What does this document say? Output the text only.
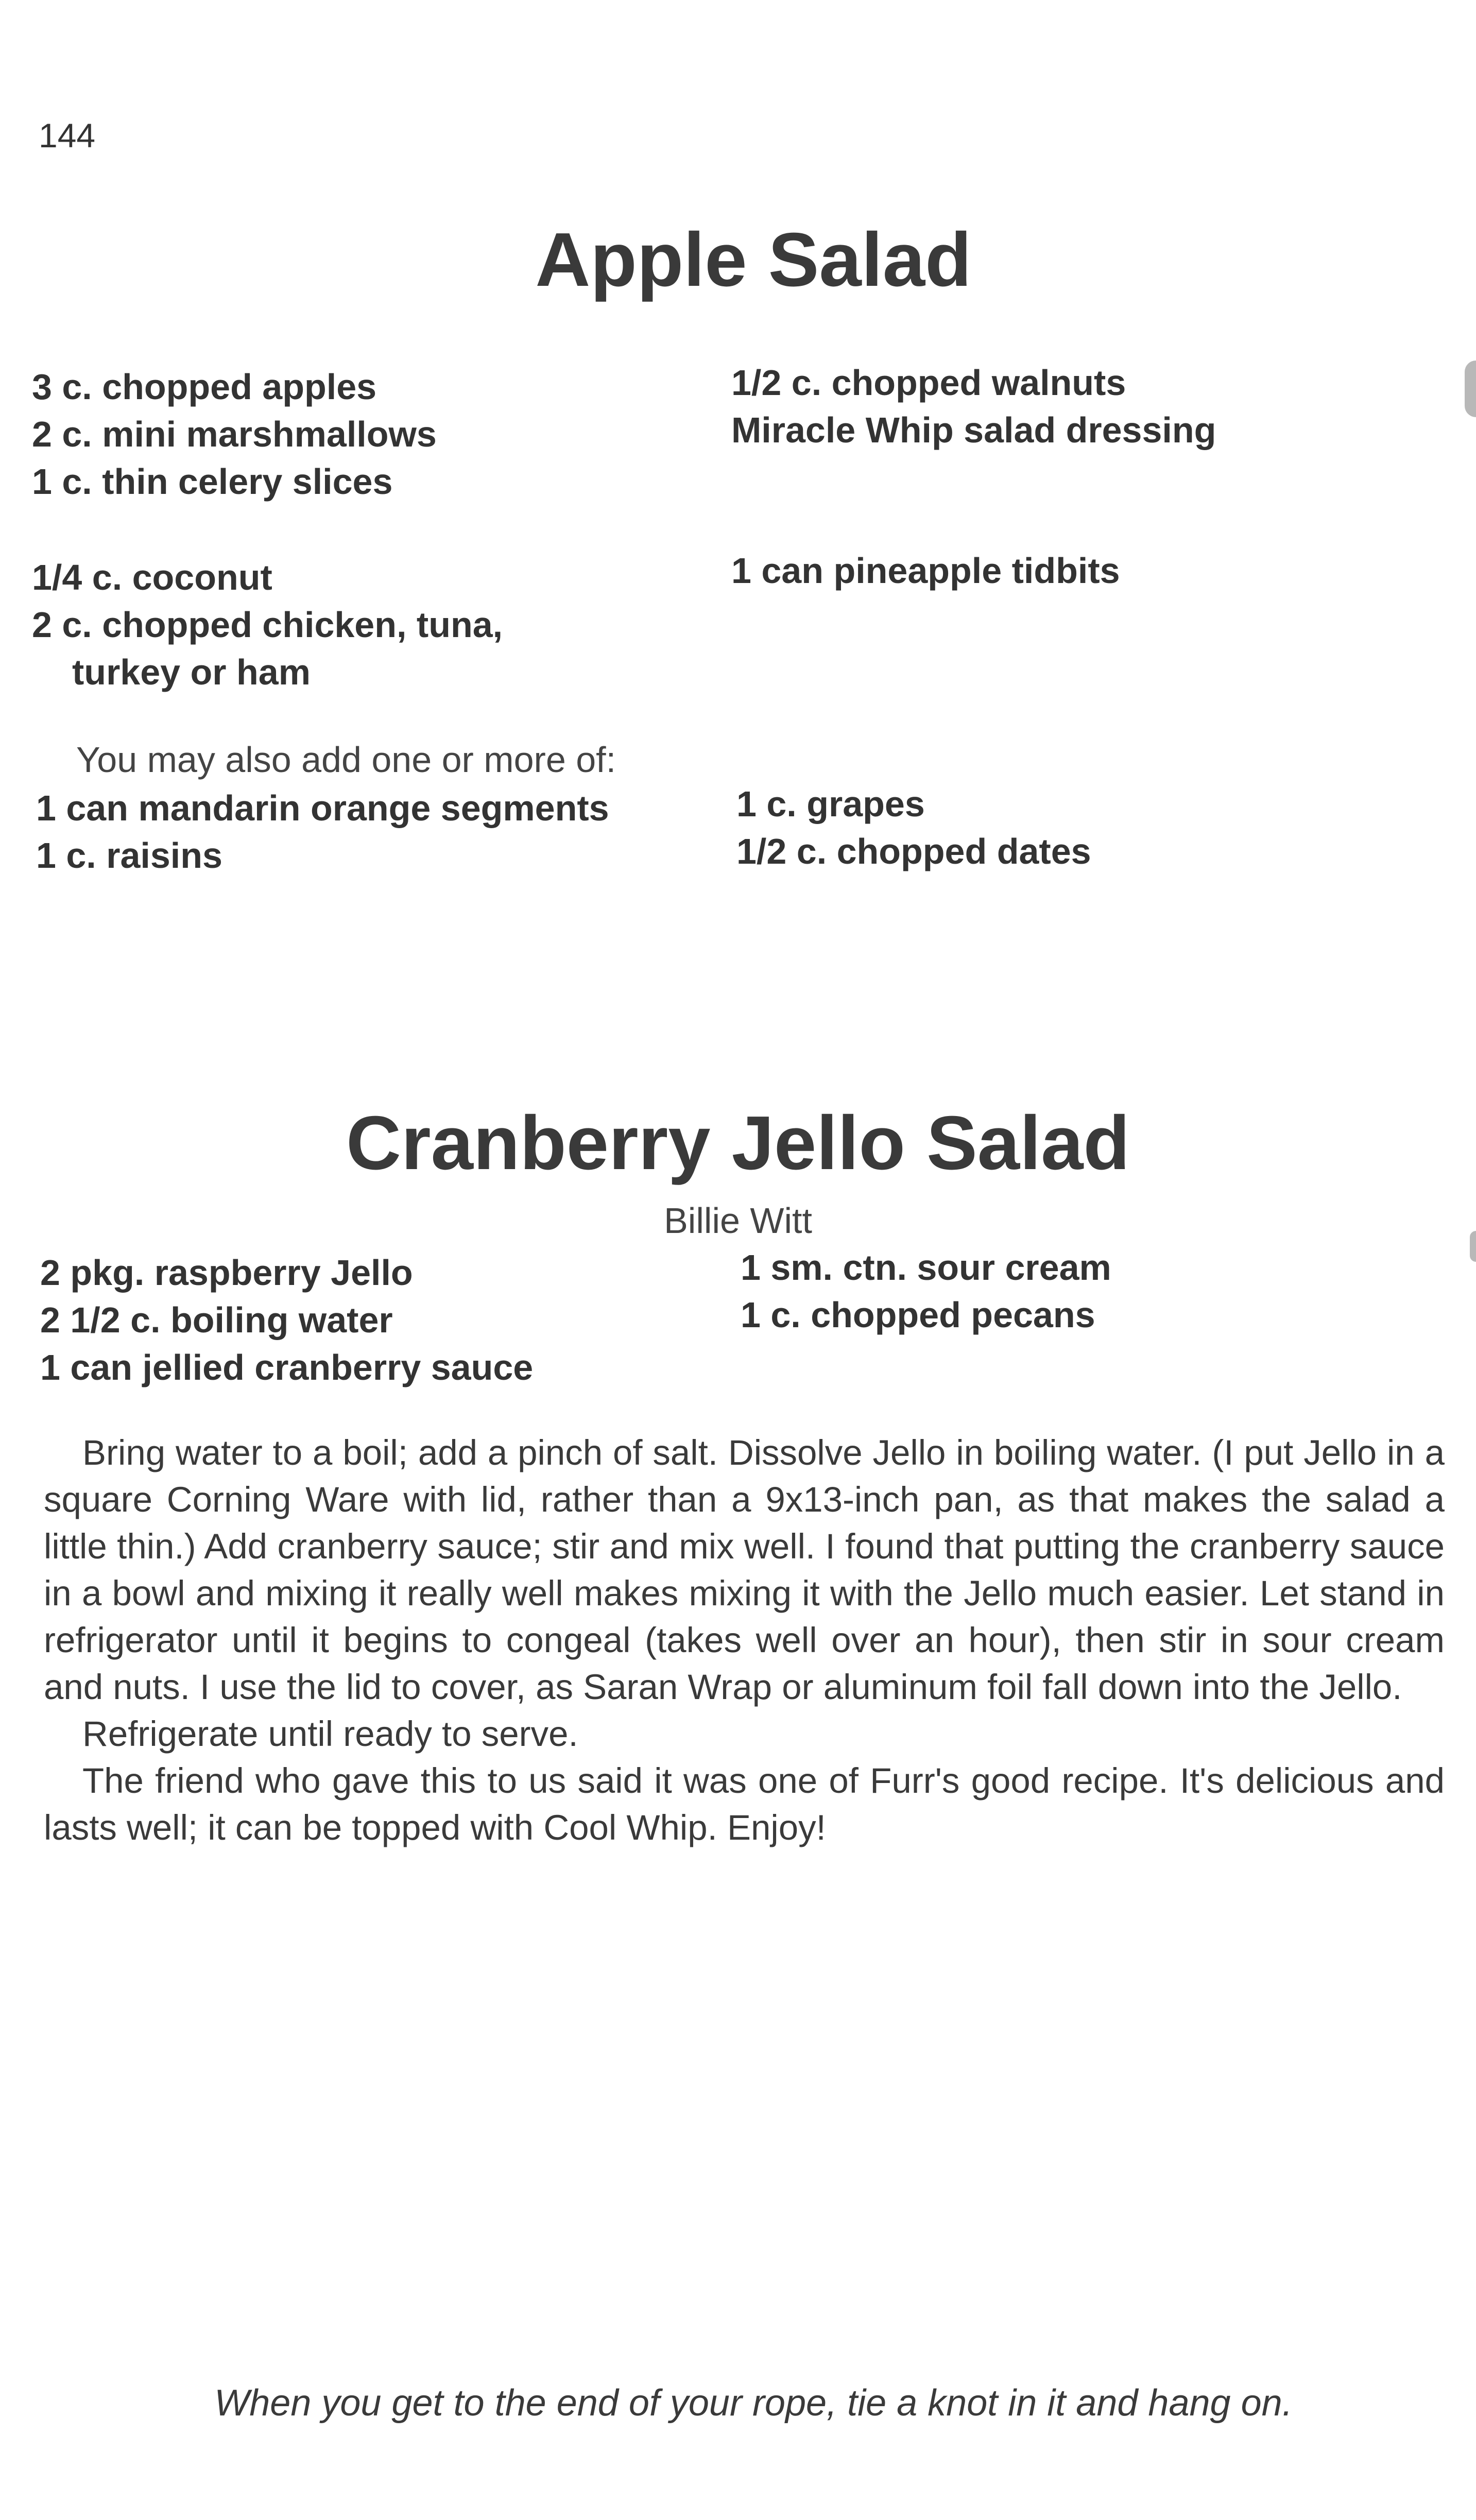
144
Apple Salad
3 c. chopped apples
2 c. mini marshmallows
1 c. thin celery slices
1/2 c. chopped walnuts
Miracle Whip salad dressing
1/4 c. coconut
2 c. chopped chicken, tuna,
turkey or ham
1 can pineapple tidbits
You may also add one or more of:
1 can mandarin orange segments
1 c. raisins
1 c. grapes
1/2 c. chopped dates
Cranberry Jello Salad
Billie Witt
2 pkg. raspberry Jello
2 1/2 c. boiling water
1 can jellied cranberry sauce
1 sm. ctn. sour cream
1 c. chopped pecans

Bring water to a boil; add a pinch of salt. Dissolve Jello in boiling water. (I put Jello in a square Corning Ware with lid, rather than a 9x13-inch pan, as that makes the salad a little thin.) Add cranberry sauce; stir and mix well. I found that putting the cranberry sauce in a bowl and mixing it really well makes mixing it with the Jello much easier. Let stand in refrigerator until it begins to congeal (takes well over an hour), then stir in sour cream and nuts. I use the lid to cover, as Saran Wrap or aluminum foil fall down into the Jello.

Refrigerate until ready to serve.

The friend who gave this to us said it was one of Furr's good recipe. It's delicious and lasts well; it can be topped with Cool Whip. Enjoy!

When you get to the end of your rope, tie a knot in it and hang on.
